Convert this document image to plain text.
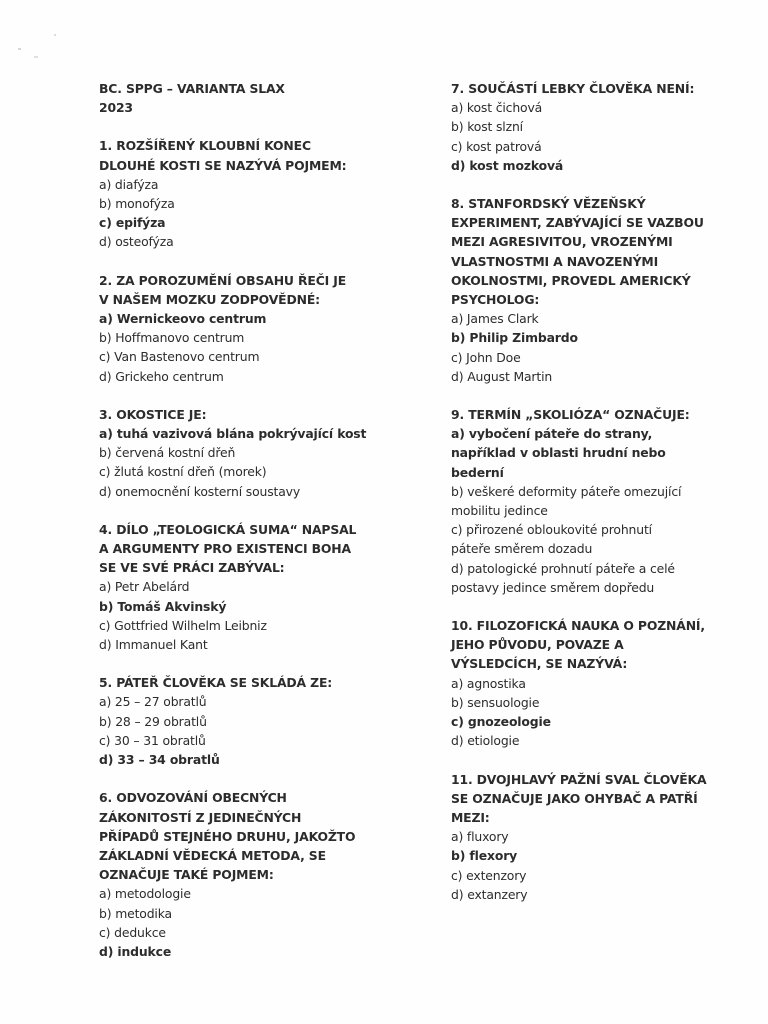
BC. SPPG – VARIANTA SLAX
2023
1. ROZŠÍŘENÝ KLOUBNÍ KONEC
DLOUHÉ KOSTI SE NAZÝVÁ POJMEM:
a) diafýza
b) monofýza
c) epifýza
d) osteofýza
2. ZA POROZUMĚNÍ OBSAHU ŘEČI JE
V NAŠEM MOZKU ZODPOVĚDNÉ:
a) Wernickeovo centrum
b) Hoffmanovo centrum
c) Van Bastenovo centrum
d) Grickeho centrum
3. OKOSTICE JE:
a) tuhá vazivová blána pokrývající kost
b) červená kostní dřeň
c) žlutá kostní dřeň (morek)
d) onemocnění kosterní soustavy
4. DÍLO „TEOLOGICKÁ SUMA“ NAPSAL
A ARGUMENTY PRO EXISTENCI BOHA
SE VE SVÉ PRÁCI ZABÝVAL:
a) Petr Abelárd
b) Tomáš Akvinský
c) Gottfried Wilhelm Leibniz
d) Immanuel Kant
5. PÁTEŘ ČLOVĚKA SE SKLÁDÁ ZE:
a) 25 – 27 obratlů
b) 28 – 29 obratlů
c) 30 – 31 obratlů
d) 33 – 34 obratlů
6. ODVOZOVÁNÍ OBECNÝCH
ZÁKONITOSTÍ Z JEDINEČNÝCH
PŘÍPADŮ STEJNÉHO DRUHU, JAKOŽTO
ZÁKLADNÍ VĚDECKÁ METODA, SE
OZNAČUJE TAKÉ POJMEM:
a) metodologie
b) metodika
c) dedukce
d) indukce
7. SOUČÁSTÍ LEBKY ČLOVĚKA NENÍ:
a) kost čichová
b) kost slzní
c) kost patrová
d) kost mozková
8. STANFORDSKÝ VĚZEŇSKÝ
EXPERIMENT, ZABÝVAJÍCÍ SE VAZBOU
MEZI AGRESIVITOU, VROZENÝMI
VLASTNOSTMI A NAVOZENÝMI
OKOLNOSTMI, PROVEDL AMERICKÝ
PSYCHOLOG:
a) James Clark
b) Philip Zimbardo
c) John Doe
d) August Martin
9. TERMÍN „SKOLIÓZA“ OZNAČUJE:
a) vybočení páteře do strany,
například v oblasti hrudní nebo
bederní
b) veškeré deformity páteře omezující
mobilitu jedince
c) přirozené obloukovité prohnutí
páteře směrem dozadu
d) patologické prohnutí páteře a celé
postavy jedince směrem dopředu
10. FILOZOFICKÁ NAUKA O POZNÁNÍ,
JEHO PŮVODU, POVAZE A
VÝSLEDCÍCH, SE NAZÝVÁ:
a) agnostika
b) sensuologie
c) gnozeologie
d) etiologie
11. DVOJHLAVÝ PAŽNÍ SVAL ČLOVĚKA
SE OZNAČUJE JAKO OHYBAČ A PATŘÍ
MEZI:
a) fluxory
b) flexory
c) extenzory
d) extanzery
